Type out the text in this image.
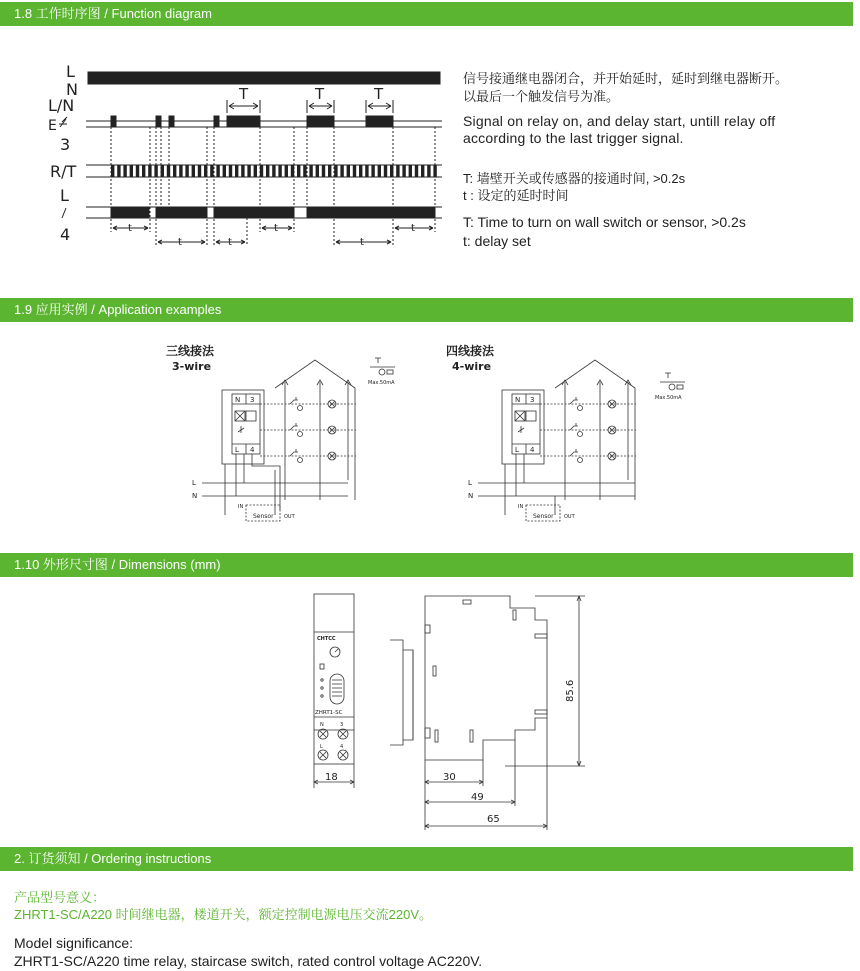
1.8 工作时序图 / Function diagram
1.9 应用实例 / Application examples
1.10 外形尺寸图 / Dimensions (mm)
2. 订货须知 / Ordering instructions
L
N
L/N
E
3
R/T
L
4
T	T	T
t
t	t
t
t
t
信号接通继电器闭合，并开始延时，延时到继电器断开。
以最后一个触发信号为准。
Signal on relay on, and delay start, untill relay off
according to the last trigger signal.
T: 墙壁开关或传感器的接通时间, >0.2s
t : 设定的延时时间
T: Time to turn on wall switch or sensor, >0.2s
t: delay set
三线接法
3-wire
N 3
L 4
L
N
Sensor
IN
OUT
Max.50mA
四线接法
4-wire
N 3
L 4
L
N
Sensor
IN
OUT
Max.50mA
CHTCC
ZHRT1-SC
N	3
L	4
18
85.6
30
49
65
产品型号意义：
ZHRT1-SC/A220 时间继电器，楼道开关，额定控制电源电压交流220V。
Model significance:
ZHRT1-SC/A220 time relay, staircase switch, rated control voltage AC220V.
